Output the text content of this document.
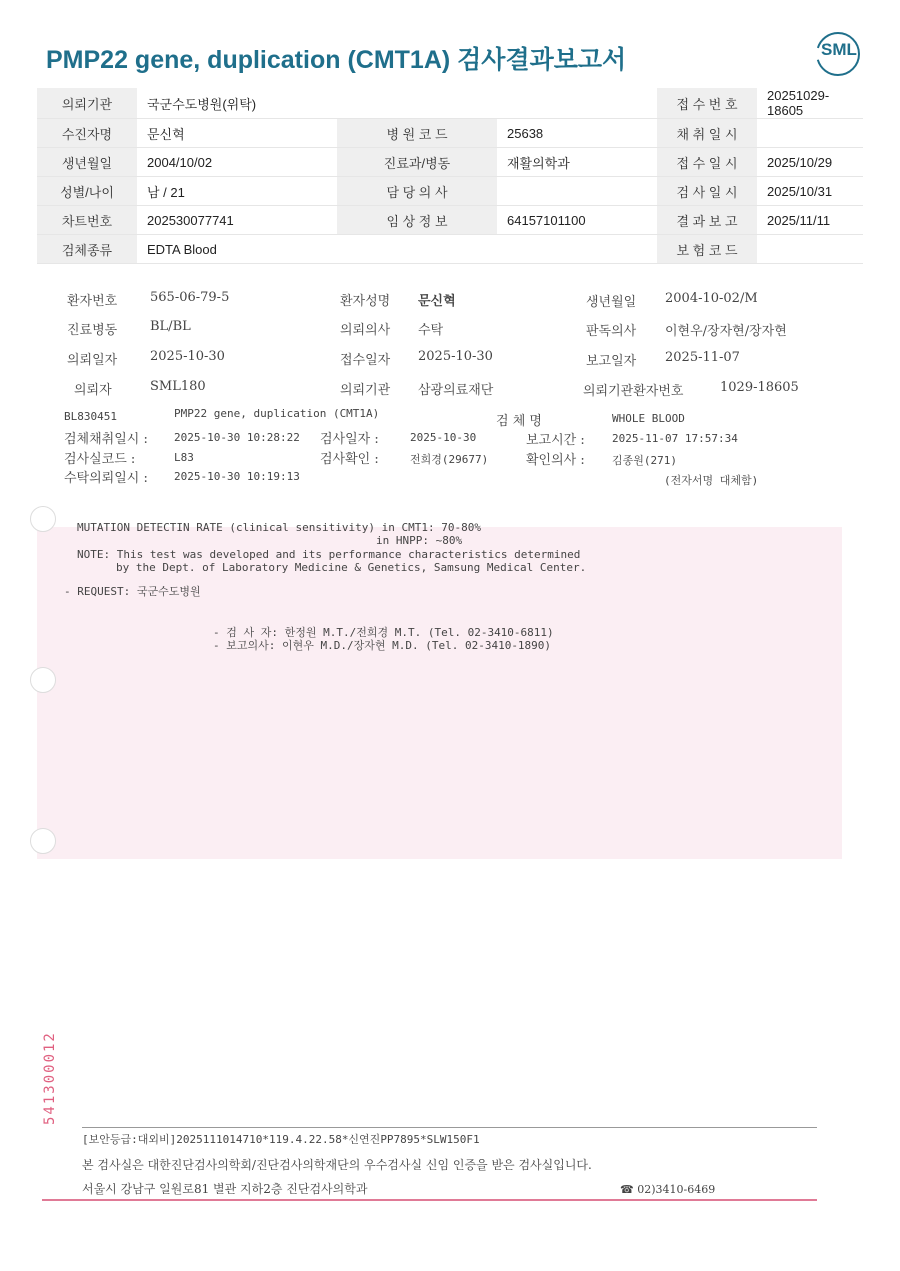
PMP22 gene, duplication (CMT1A) 검사결과보고서	SML
의뢰기관	국군수도병원(위탁)			접 수 번 호	20251029-18605
수진자명	문신혁	병 원 코 드	25638	채 취 일 시	
생년월일	2004/10/02	진료과/병동	재활의학과	접 수 일 시	2025/10/29
성별/나이	남 / 21	담 당 의 사		검 사 일 시	2025/10/31
차트번호	202530077741	임 상 정 보	64157101100	결 과 보 고	2025/11/11
검체종류	EDTA Blood			보 험 코 드	
환자번호	565-06-79-5	환자성명 문신혁	생년월일 2004-10-02/M
진료병동	BL/BL	의뢰의사 수탁	판독의사 이현우/장자현/장자현
의뢰일자	2025-10-30	접수일자 2025-10-30	보고일자 2025-11-07
의뢰자	SML180	의뢰기관 삼광의료재단	의뢰기관환자번호	1029-18605
BL830451	PMP22 gene, duplication (CMT1A)
검 체 명	WHOLE BLOOD
검체채취일시 : 2025-10-30 10:28:22 검사일자 :	2025-10-30	보고시간 : 2025-11-07 17:57:34
검사실코드 :	L83	검사확인 :	전희경(29677)	확인의사 : 김종원(271)
수탁의뢰일시 : 2025-10-30 10:19:13	(전자서명 대체함)
MUTATION DETECTIN RATE (clinical sensitivity) in CMT1: 70-80%
in HNPP: ~80%
NOTE: This test was developed and its performance characteristics determined
by the Dept. of Laboratory Medicine & Genetics, Samsung Medical Center.
- REQUEST: 국군수도병원
- 검 사 자: 한정원 M.T./전희경 M.T. (Tel. 02-3410-6811)
- 보고의사: 이현우 M.D./장자현 M.D. (Tel. 02-3410-1890)
541300012
[보안등급:대외비]2025111014710*119.4.22.58*신연진PP7895*SLW150F1
본 검사실은 대한진단검사의학회/진단검사의학재단의 우수검사실 신임 인증을 받은 검사실입니다.
서울시 강남구 일원로81 별관 지하2층 진단검사의학과	☎ 02)3410-6469
